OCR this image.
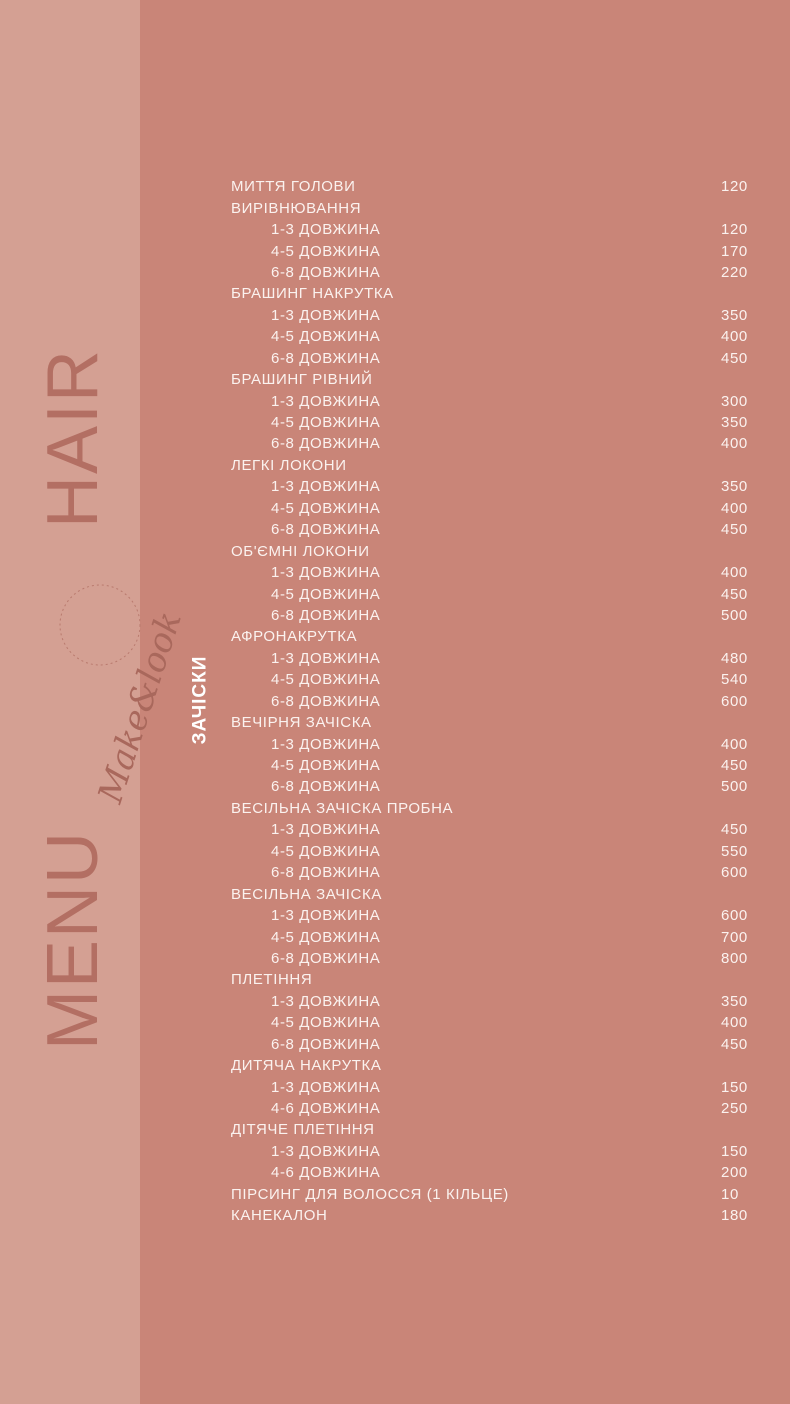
HAIR
MENU
Make&look ЗАЧІСКИ
МИТТЯ ГОЛОВИ	120
ВИРІВНЮВАННЯ
1-3 ДОВЖИНА	120
4-5 ДОВЖИНА	170
6-8 ДОВЖИНА	220
БРАШИНГ НАКРУТКА
1-3 ДОВЖИНА	350
4-5 ДОВЖИНА	400
6-8 ДОВЖИНА	450
БРАШИНГ РІВНИЙ
1-3 ДОВЖИНА	300
4-5 ДОВЖИНА	350
6-8 ДОВЖИНА	400
ЛЕГКІ ЛОКОНИ
1-3 ДОВЖИНА	350
4-5 ДОВЖИНА	400
6-8 ДОВЖИНА	450
ОБ'ЄМНІ ЛОКОНИ
1-3 ДОВЖИНА	400
4-5 ДОВЖИНА	450
6-8 ДОВЖИНА	500
АФРОНАКРУТКА
1-3 ДОВЖИНА	480
4-5 ДОВЖИНА	540
6-8 ДОВЖИНА	600
ВЕЧІРНЯ ЗАЧІСКА
1-3 ДОВЖИНА	400
4-5 ДОВЖИНА	450
6-8 ДОВЖИНА	500
ВЕСІЛЬНА ЗАЧІСКА ПРОБНА
1-3 ДОВЖИНА	450
4-5 ДОВЖИНА	550
6-8 ДОВЖИНА	600
ВЕСІЛЬНА ЗАЧІСКА
1-3 ДОВЖИНА	600
4-5 ДОВЖИНА	700
6-8 ДОВЖИНА	800
ПЛЕТІННЯ
1-3 ДОВЖИНА	350
4-5 ДОВЖИНА	400
6-8 ДОВЖИНА	450
ДИТЯЧА НАКРУТКА
1-3 ДОВЖИНА	150
4-6 ДОВЖИНА	250
ДІТЯЧЕ ПЛЕТІННЯ
1-3 ДОВЖИНА	150
4-6 ДОВЖИНА	200
ПІРСИНГ ДЛЯ ВОЛОССЯ (1 КІЛЬЦЕ)	10
КАНЕКАЛОН	180
